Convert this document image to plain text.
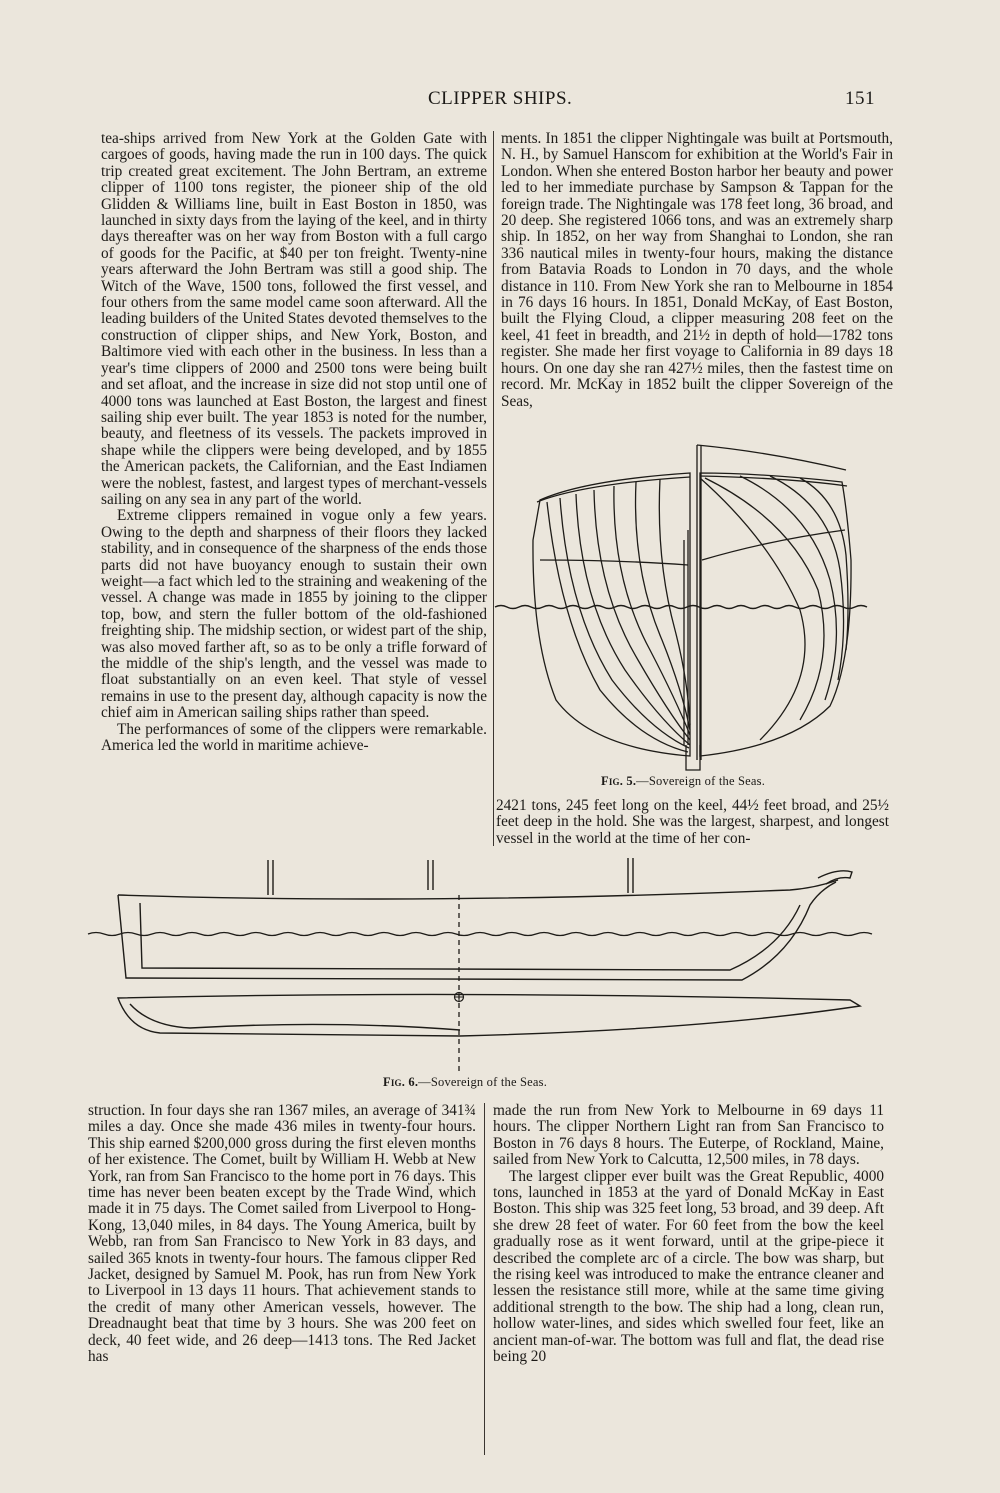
CLIPPER SHIPS.	151

tea-ships arrived from New York at the Golden Gate with cargoes of goods, having made the run in 100 days. The quick trip created great excitement. The John Bertram, an extreme clipper of 1100 tons register, the pioneer ship of the old Glidden & Williams line, built in East Boston in 1850, was launched in sixty days from the laying of the keel, and in thirty days thereafter was on her way from Boston with a full cargo of goods for the Pacific, at $40 per ton freight. Twenty-nine years afterward the John Bertram was still a good ship. The Witch of the Wave, 1500 tons, followed the first vessel, and four others from the same model came soon afterward. All the leading builders of the United States devoted themselves to the construction of clipper ships, and New York, Boston, and Baltimore vied with each other in the business. In less than a year's time clippers of 2000 and 2500 tons were being built and set afloat, and the increase in size did not stop until one of 4000 tons was launched at East Boston, the largest and finest sailing ship ever built. The year 1853 is noted for the number, beauty, and fleetness of its vessels. The packets improved in shape while the clippers were being developed, and by 1855 the American packets, the Californian, and the East Indiamen were the noblest, fastest, and largest types of merchant-vessels sailing on any sea in any part of the world.

Extreme clippers remained in vogue only a few years. Owing to the depth and sharpness of their floors they lacked stability, and in consequence of the sharpness of the ends those parts did not have buoyancy enough to sustain their own weight—a fact which led to the straining and weakening of the vessel. A change was made in 1855 by joining to the clipper top, bow, and stern the fuller bottom of the old-fashioned freighting ship. The midship section, or widest part of the ship, was also moved farther aft, so as to be only a trifle forward of the middle of the ship's length, and the vessel was made to float substantially on an even keel. That style of vessel remains in use to the present day, although capacity is now the chief aim in American sailing ships rather than speed.

The performances of some of the clippers were remarkable. America led the world in maritime achieve-

ments. In 1851 the clipper Nightingale was built at Portsmouth, N. H., by Samuel Hanscom for exhibition at the World's Fair in London. When she entered Boston harbor her beauty and power led to her immediate purchase by Sampson & Tappan for the foreign trade. The Nightingale was 178 feet long, 36 broad, and 20 deep. She registered 1066 tons, and was an extremely sharp ship. In 1852, on her way from Shanghai to London, she ran 336 nautical miles in twenty-four hours, making the distance from Batavia Roads to London in 70 days, and the whole distance in 110. From New York she ran to Melbourne in 1854 in 76 days 16 hours. In 1851, Donald McKay, of East Boston, built the Flying Cloud, a clipper measuring 208 feet on the keel, 41 feet in breadth, and 21½ in depth of hold—1782 tons register. She made her first voyage to California in 89 days 18 hours. On one day she ran 427½ miles, then the fastest time on record. Mr. McKay in 1852 built the clipper Sovereign of the Seas,

Fig. 5.—Sovereign of the Seas.

2421 tons, 245 feet long on the keel, 44½ feet broad, and 25½ feet deep in the hold. She was the largest, sharpest, and longest vessel in the world at the time of her con-

Fig. 6.—Sovereign of the Seas.

struction. In four days she ran 1367 miles, an average of 341¾ miles a day. Once she made 436 miles in twenty-four hours. This ship earned $200,000 gross during the first eleven months of her existence. The Comet, built by William H. Webb at New York, ran from San Francisco to the home port in 76 days. This time has never been beaten except by the Trade Wind, which made it in 75 days. The Comet sailed from Liverpool to Hong-Kong, 13,040 miles, in 84 days. The Young America, built by Webb, ran from San Francisco to New York in 83 days, and sailed 365 knots in twenty-four hours. The famous clipper Red Jacket, designed by Samuel M. Pook, has run from New York to Liverpool in 13 days 11 hours. That achievement stands to the credit of many other American vessels, however. The Dreadnaught beat that time by 3 hours. She was 200 feet on deck, 40 feet wide, and 26 deep—1413 tons. The Red Jacket has

made the run from New York to Melbourne in 69 days 11 hours. The clipper Northern Light ran from San Francisco to Boston in 76 days 8 hours. The Euterpe, of Rockland, Maine, sailed from New York to Calcutta, 12,500 miles, in 78 days.

The largest clipper ever built was the Great Republic, 4000 tons, launched in 1853 at the yard of Donald McKay in East Boston. This ship was 325 feet long, 53 broad, and 39 deep. Aft she drew 28 feet of water. For 60 feet from the bow the keel gradually rose as it went forward, until at the gripe-piece it described the complete arc of a circle. The bow was sharp, but the rising keel was introduced to make the entrance cleaner and lessen the resistance still more, while at the same time giving additional strength to the bow. The ship had a long, clean run, hollow water-lines, and sides which swelled four feet, like an ancient man-of-war. The bottom was full and flat, the dead rise being 20
